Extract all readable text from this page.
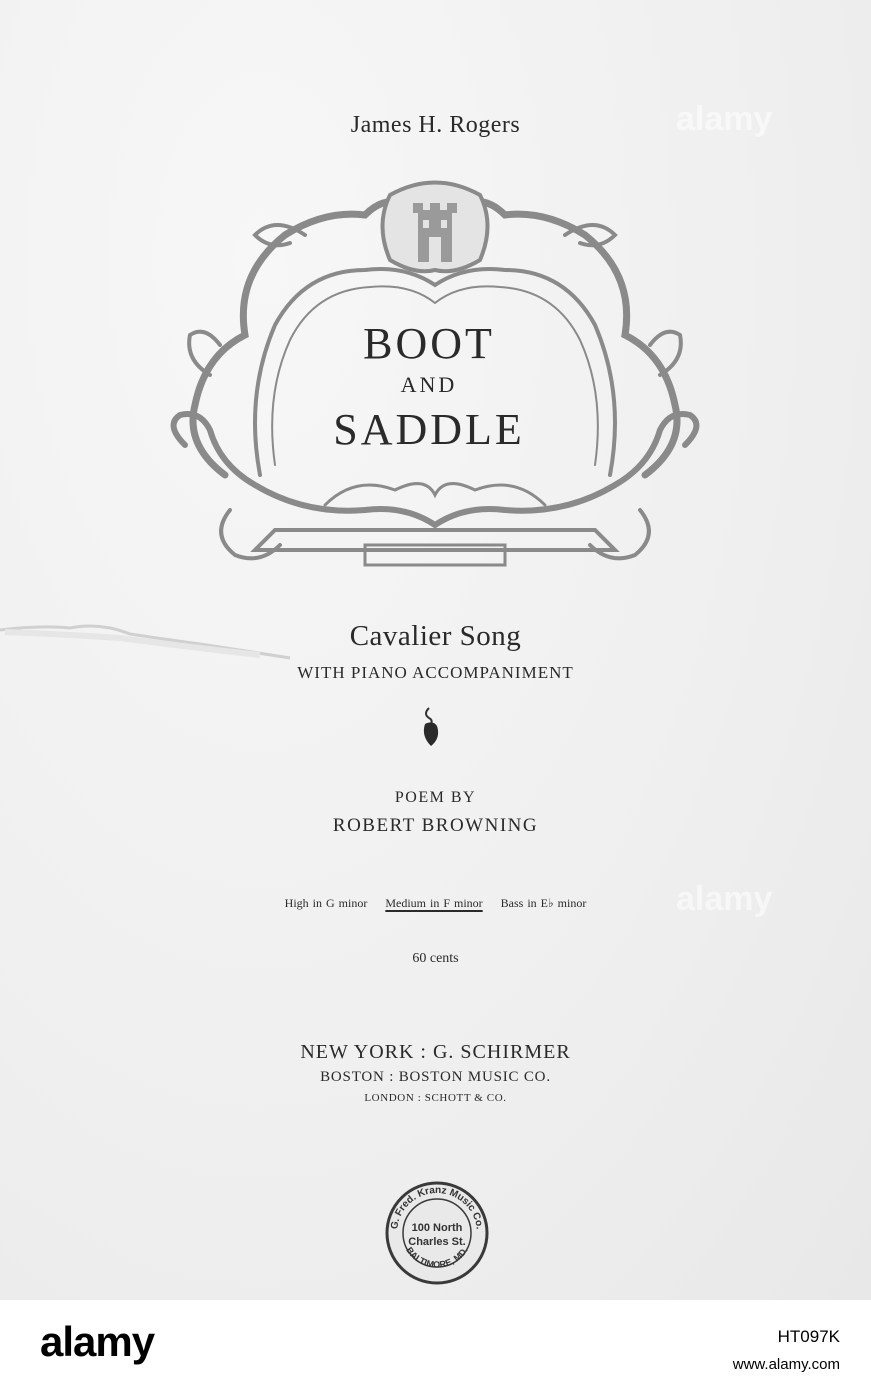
James H. Rogers
BOOT
AND
SADDLE
Cavalier Song
WITH PIANO ACCOMPANIMENT
POEM BY
ROBERT BROWNING
High in G minor Medium in F minor Bass in E♭ minor
60 cents
NEW YORK : G. SCHIRMER
BOSTON : BOSTON MUSIC CO.
LONDON : SCHOTT & CO.
G. Fred. Kranz Music Co.
BALTIMORE, MD.
100 North
Charles St.
alamy
alamy
alamy	HT097K
www.alamy.com
